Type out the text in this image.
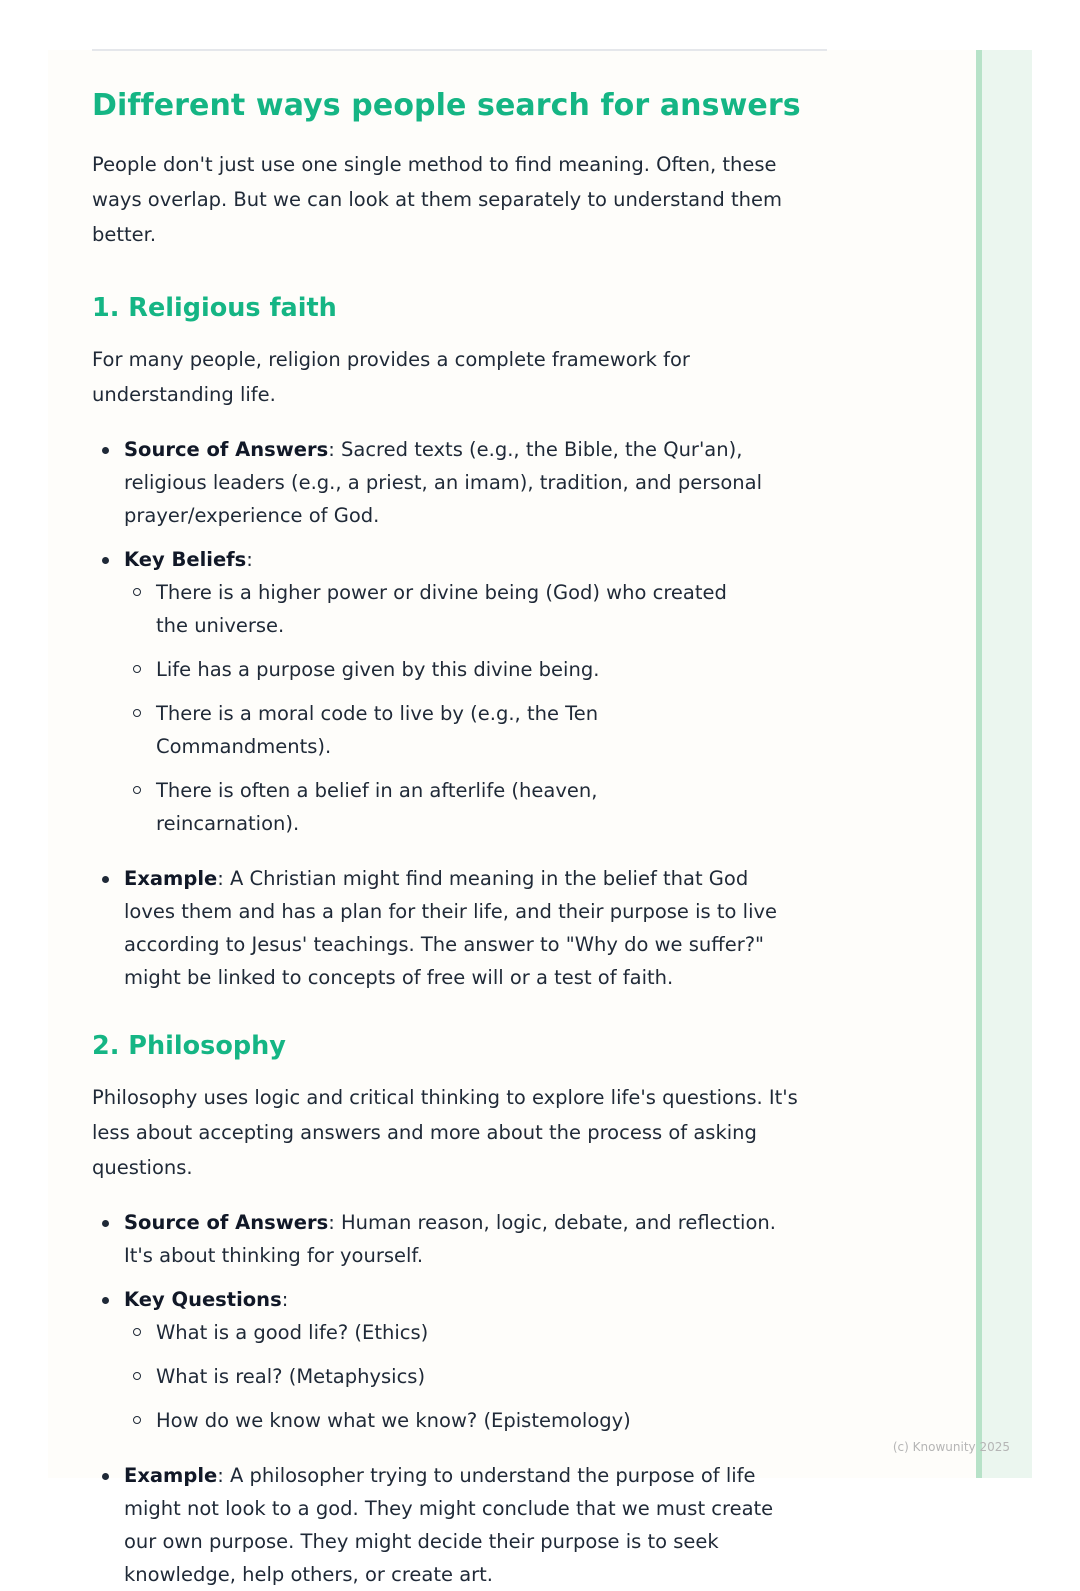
Different ways people search for answers

People don't just use one single method to find meaning. Often, these ways overlap. But we can look at them separately to understand them better.

1. Religious faith

For many people, religion provides a complete framework for understanding life.

Source of Answers: Sacred texts (e.g., the Bible, the Qur'an), religious leaders (e.g., a priest, an imam), tradition, and personal prayer/experience of God.
Key Beliefs:
There is a higher power or divine being (God) who created the universe.
Life has a purpose given by this divine being.
There is a moral code to live by (e.g., the Ten Commandments).
There is often a belief in an afterlife (heaven, reincarnation).
Example: A Christian might find meaning in the belief that God loves them and has a plan for their life, and their purpose is to live according to Jesus' teachings. The answer to "Why do we suffer?" might be linked to concepts of free will or a test of faith.
2. Philosophy

Philosophy uses logic and critical thinking to explore life's questions. It's less about accepting answers and more about the process of asking questions.

Source of Answers: Human reason, logic, debate, and reflection. It's about thinking for yourself.
Key Questions:
What is a good life? (Ethics)
What is real? (Metaphysics)
How do we know what we know? (Epistemology)
Example: A philosopher trying to understand the purpose of life might not look to a god. They might conclude that we must create our own purpose. They might decide their purpose is to seek knowledge, help others, or create art.
(c) Knowunity 2025
